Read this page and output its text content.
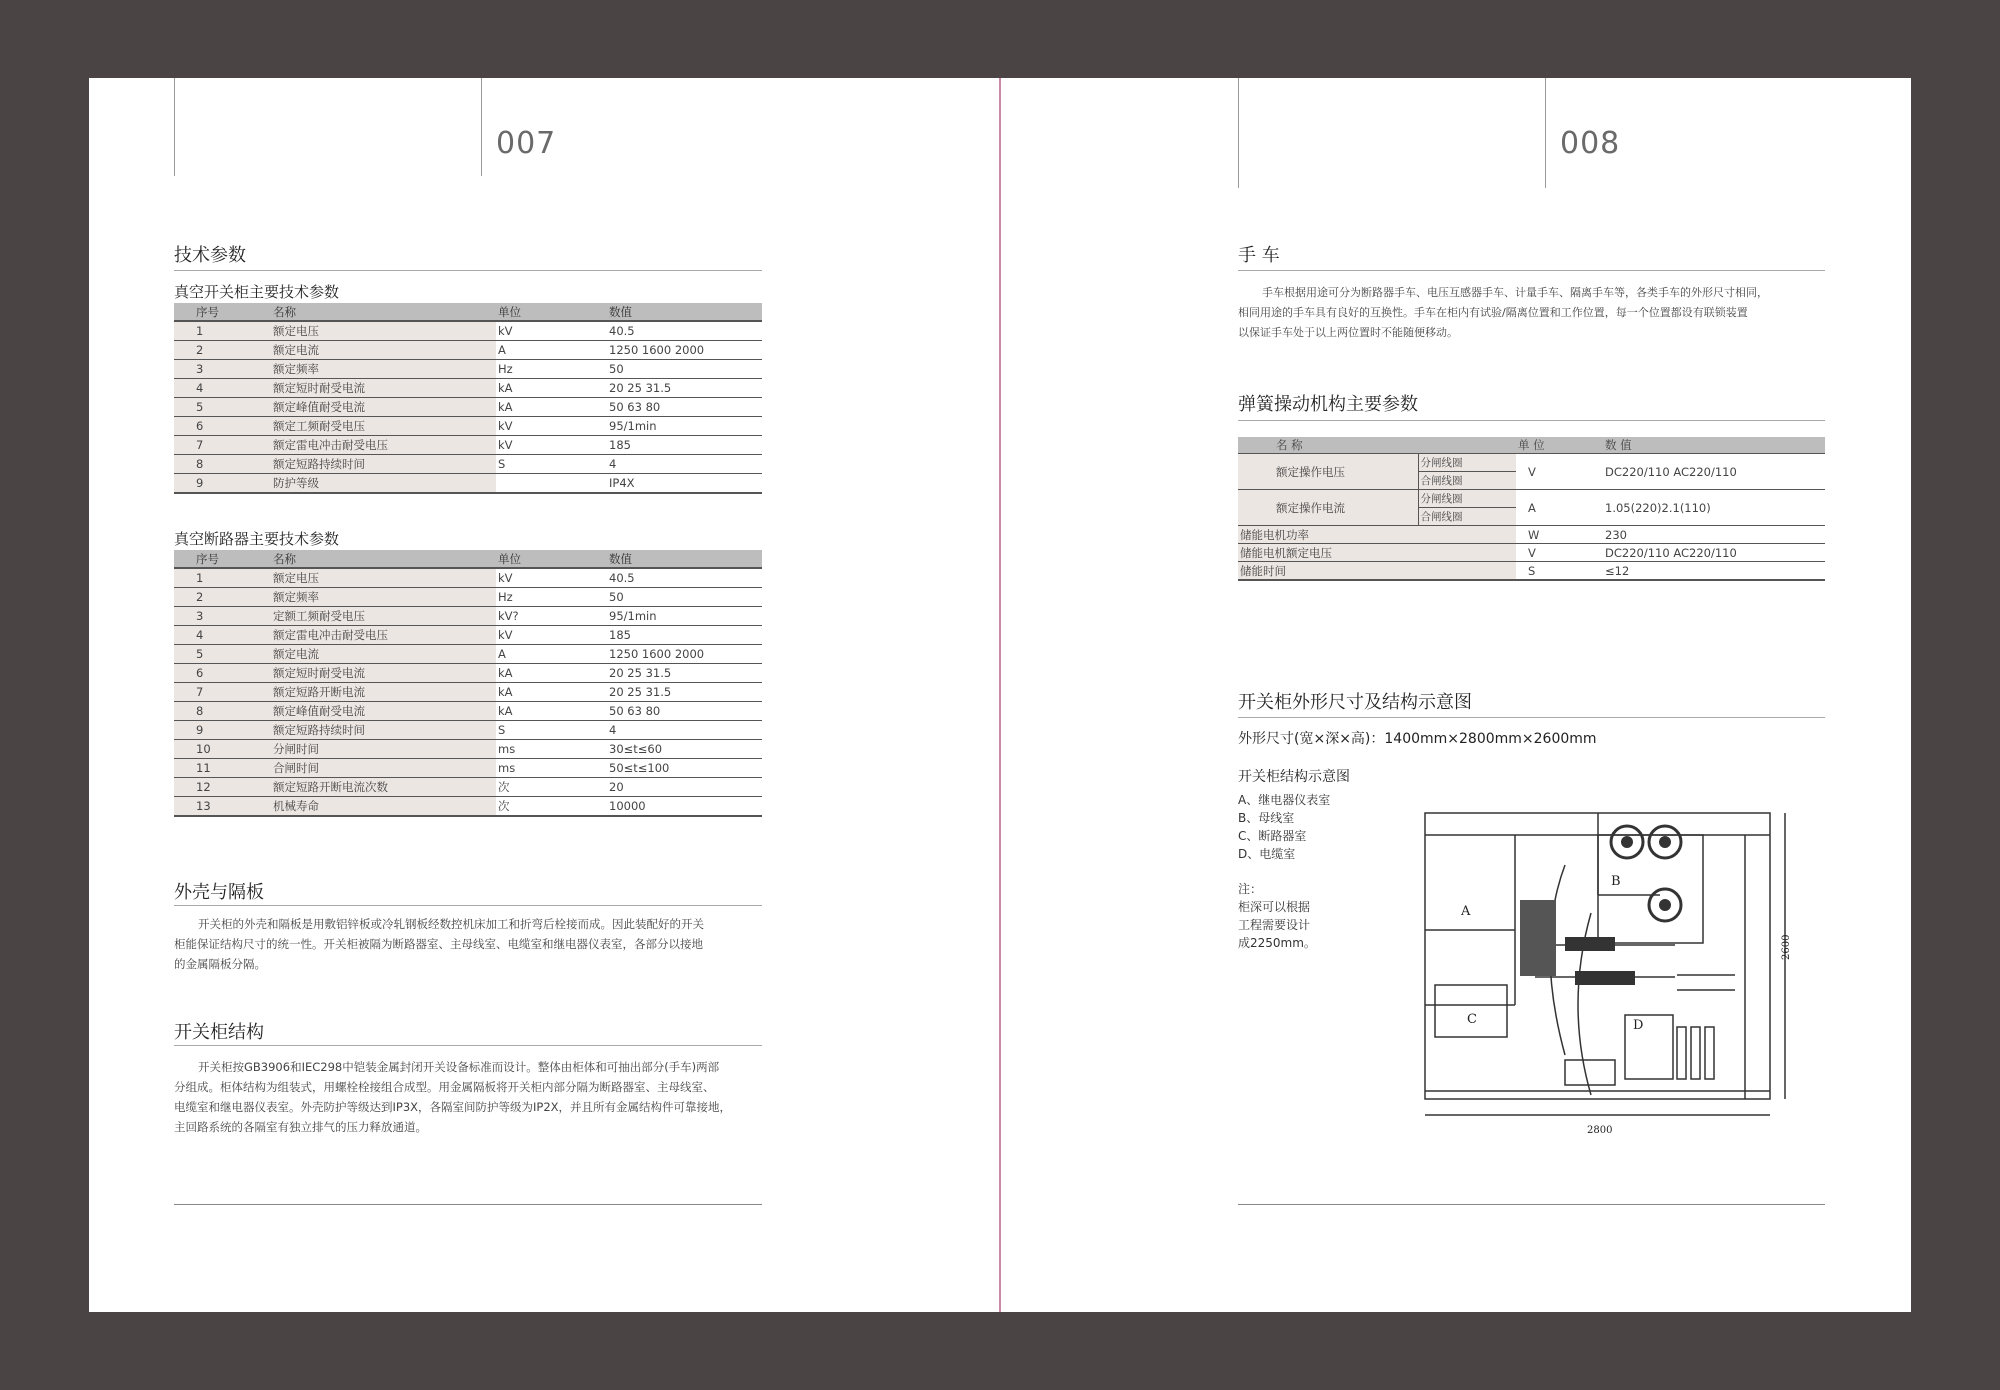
007	008
技术参数
真空开关柜主要技术参数
序号	名称	单位	数值
1	额定电压	kV	40.5
2	额定电流	A	1250 1600 2000
3	额定频率	Hz	50
4	额定短时耐受电流	kA	20 25 31.5
5	额定峰值耐受电流	kA	50 63 80
6	额定工频耐受电压	kV	95/1min
7	额定雷电冲击耐受电压	kV	185
8	额定短路持续时间	S	4
9	防护等级		IP4X
真空断路器主要技术参数
序号	名称	单位	数值
1	额定电压	kV	40.5
2	额定频率	Hz	50
3	定额工频耐受电压	kV?	95/1min
4	额定雷电冲击耐受电压	kV	185
5	额定电流	A	1250 1600 2000
6	额定短时耐受电流	kA	20 25 31.5
7	额定短路开断电流	kA	20 25 31.5
8	额定峰值耐受电流	kA	50 63 80
9	额定短路持续时间	S	4
10	分闸时间	ms	30≤t≤60
11	合闸时间	ms	50≤t≤100
12	额定短路开断电流次数	次	20
13	机械寿命	次	10000
外壳与隔板

开关柜的外壳和隔板是用敷铝锌板或冷轧钢板经数控机床加工和折弯后栓接而成。因此装配好的开关

柜能保证结构尺寸的统一性。开关柜被隔为断路器室、主母线室、电缆室和继电器仪表室，各部分以接地

的金属隔板分隔。

开关柜结构

开关柜按GB3906和IEC298中铠装金属封闭开关设备标准而设计。整体由柜体和可抽出部分(手车)两部

分组成。柜体结构为组装式，用螺栓栓接组合成型。用金属隔板将开关柜内部分隔为断路器室、主母线室、

电缆室和继电器仪表室。外壳防护等级达到IP3X，各隔室间防护等级为IP2X，并且所有金属结构件可靠接地，

主回路系统的各隔室有独立排气的压力释放通道。

手 车

手车根据用途可分为断路器手车、电压互感器手车、计量手车、隔离手车等，各类手车的外形尺寸相同，

相同用途的手车具有良好的互换性。手车在柜内有试验/隔离位置和工作位置，每一个位置都设有联锁装置

以保证手车处于以上两位置时不能随便移动。

弹簧操动机构主要参数
名 称		单 位	数 值
额定操作电压	分闸线圈	V	DC220/110 AC220/110
	合闸线圈		
额定操作电流	分闸线圈	A	1.05(220)2.1(110)
	合闸线圈		
储能电机功率		W	230
储能电机额定电压		V	DC220/110 AC220/110
储能时间		S	≤12
开关柜外形尺寸及结构示意图
外形尺寸(宽×深×高)：1400mm×2800mm×2600mm
开关柜结构示意图
A、继电器仪表室
B、母线室
C、断路器室
D、电缆室
注：
柜深可以根据
工程需要设计
成2250mm。
A
B
C	D
2800
2600
